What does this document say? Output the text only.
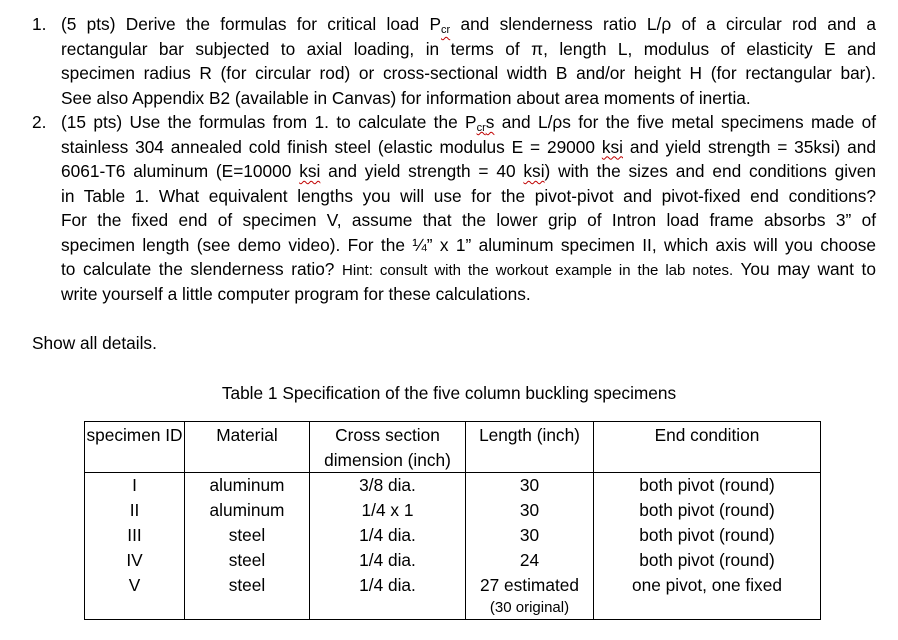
1. (5 pts) Derive the formulas for critical load $P_{cr}$ and slenderness ratio L/ρ of a circular rod and a
rectangular bar subjected to axial loading, in terms of π, length L, modulus of elasticity E and
specimen radius R (for circular rod) or cross-sectional width B and/or height H (for rectangular bar).
See also Appendix B2 (available in Canvas) for information about area moments of inertia.
2. (15 pts) Use the formulas from 1. to calculate the $P_{cr}s$ and L/ρs for the five metal specimens made of
stainless 304 annealed cold finish steel (elastic modulus E = 29000 ksi and yield strength = 35ksi) and
6061-T6 aluminum (E=10000 ksi and yield strength = 40 ksi) with the sizes and end conditions given
in Table 1. What equivalent lengths you will use for the pivot-pivot and pivot-fixed end conditions?
For the fixed end of specimen V, assume that the lower grip of Intron load frame absorbs 3” of
specimen length (see demo video). For the ¼” x 1” aluminum specimen II, which axis will you choose
to calculate the slenderness ratio? Hint: consult with the workout example in the lab notes. You may want to
write yourself a little computer program for these calculations.
Show all details.
Table 1 Specification of the five column buckling specimens
specimen ID	Material	Cross section dimension (inch)	Length (inch)	End condition
I	aluminum	3/8 dia.	30	both pivot (round)
II	aluminum	1/4 x 1	30	both pivot (round)
III	steel	1/4 dia.	30	both pivot (round)
IV	steel	1/4 dia.	24	both pivot (round)
V	steel	1/4 dia.	27 estimated
(30 original)	one pivot, one fixed
